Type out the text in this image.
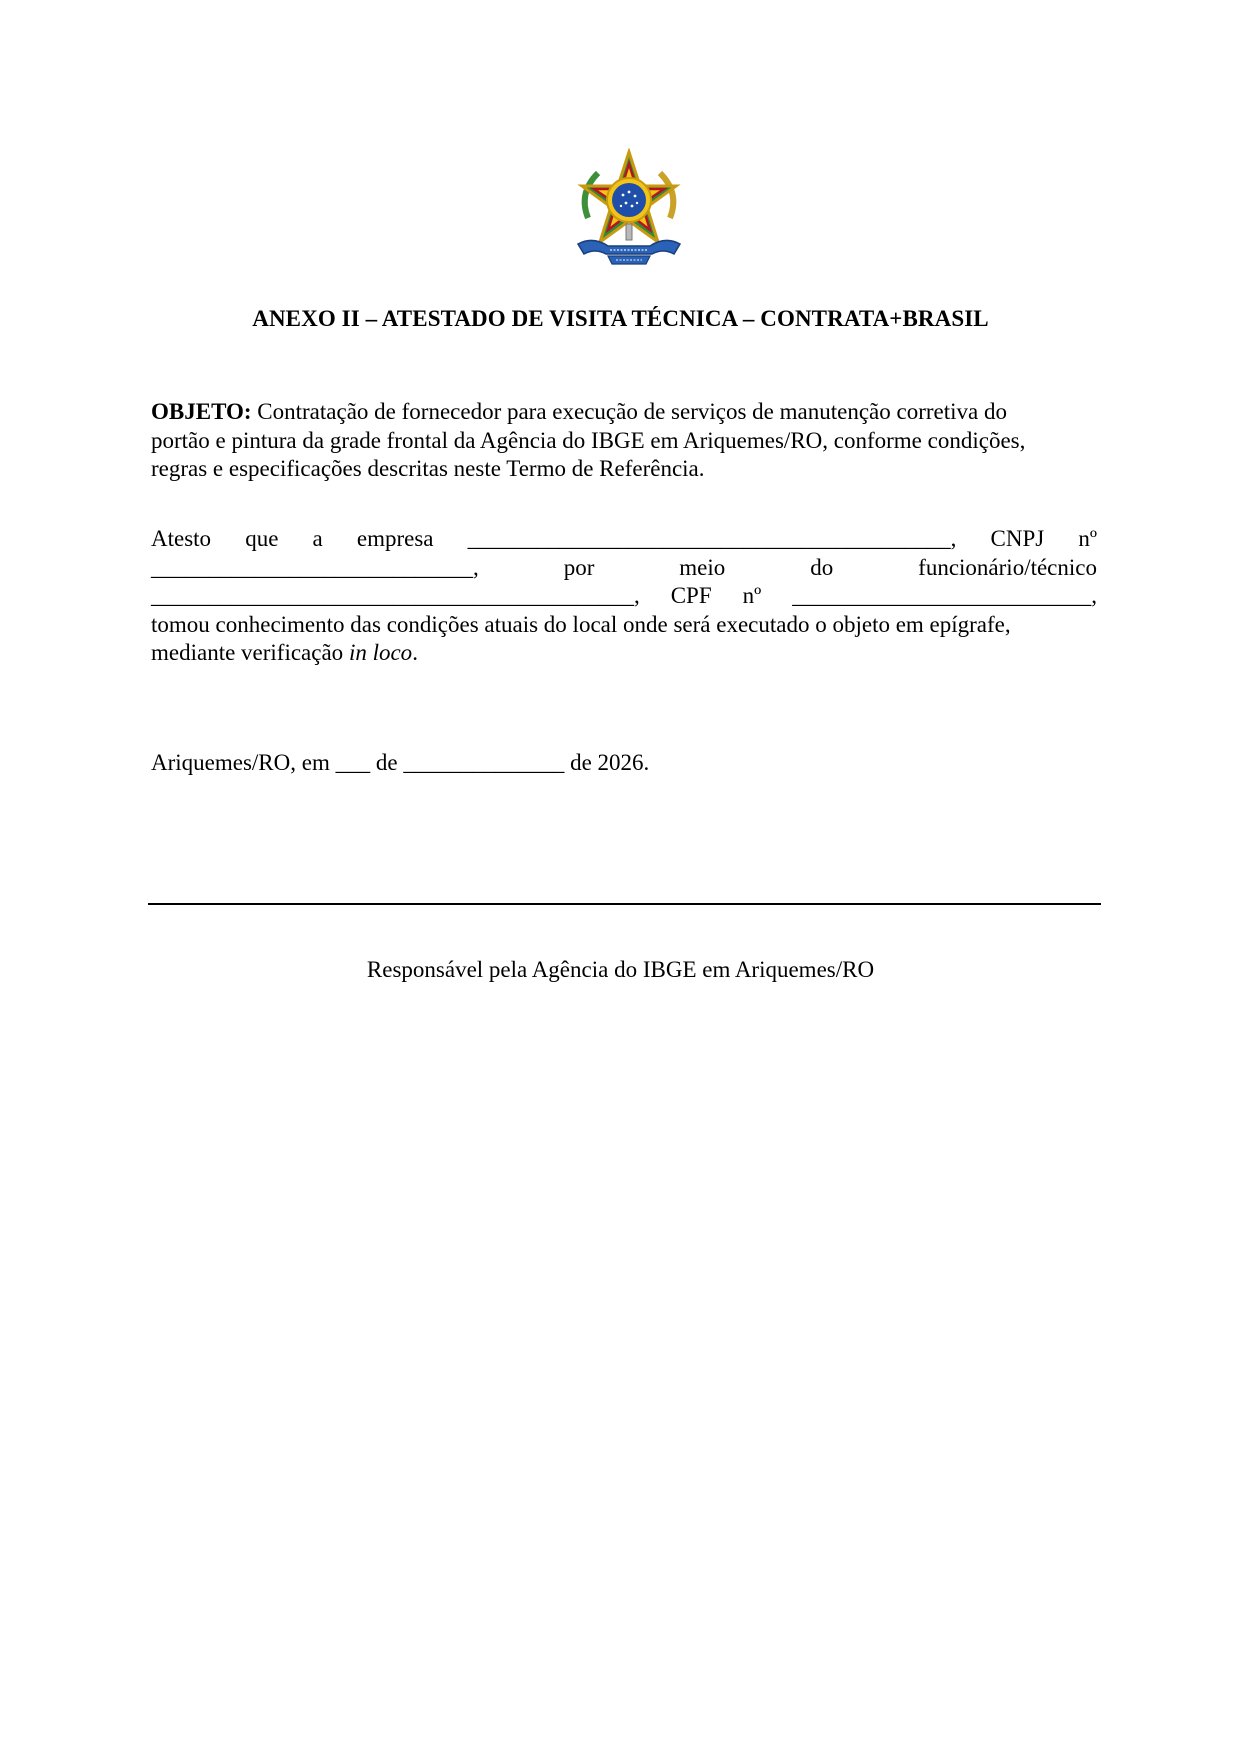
ANEXO II – ATESTADO DE VISITA TÉCNICA – CONTRATA+BRASIL
OBJETO: Contratação de fornecedor para execução de serviços de manutenção corretiva do
portão e pintura da grade frontal da Agência do IBGE em Ariquemes/RO, conforme condições,
regras e especificações descritas neste Termo de Referência.
Atesto que a empresa __________________________________________, CNPJ nº
____________________________,	por	meio	do	funcionário/técnico
__________________________________________, CPF nº __________________________,
tomou conhecimento das condições atuais do local onde será executado o objeto em epígrafe,
mediante verificação in loco.
Ariquemes/RO, em ___ de ______________ de 2026.
Responsável pela Agência do IBGE em Ariquemes/RO
